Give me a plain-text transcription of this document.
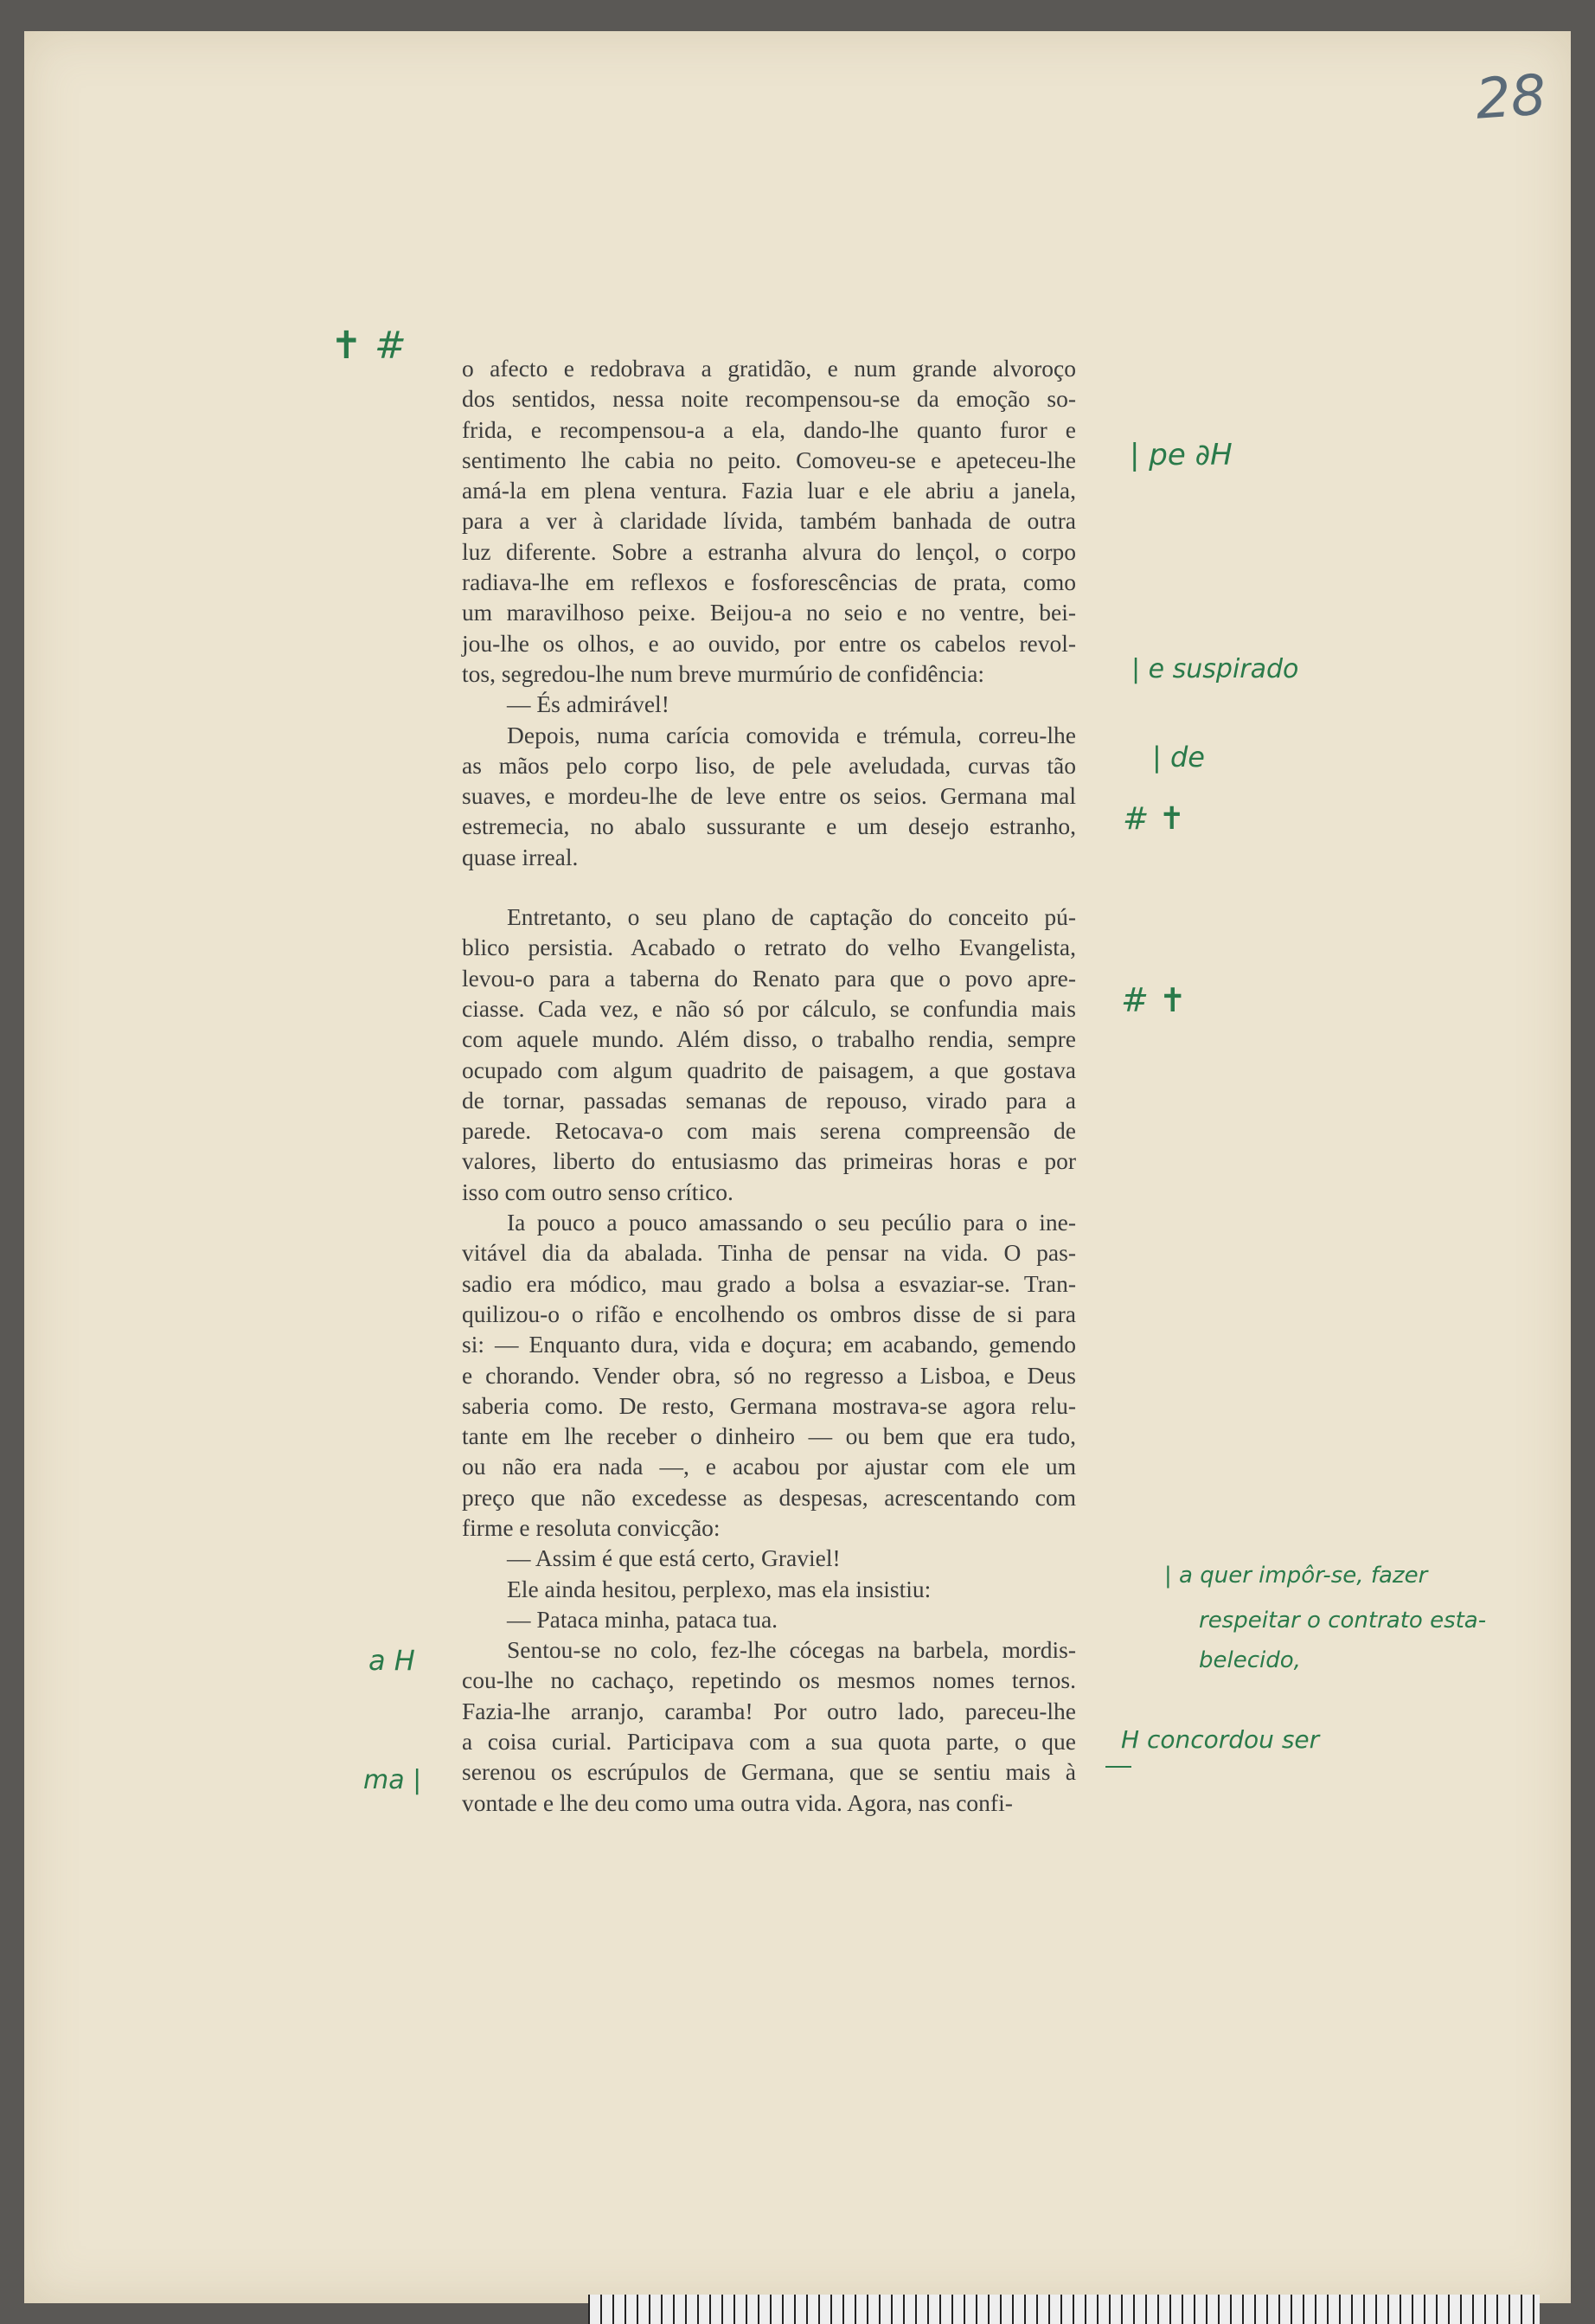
28
o afecto e redobrava a gratidão, e num grande alvoroço
dos sentidos, nessa noite recompensou-se da emoção so-
frida, e recompensou-a a ela, dando-lhe quanto furor e
sentimento lhe cabia no peito. Comoveu-se e apeteceu-lhe
amá-la em plena ventura. Fazia luar e ele abriu a janela,
para a ver à claridade lívida, também banhada de outra
luz diferente. Sobre a estranha alvura do lençol, o corpo
radiava-lhe em reflexos e fosforescências de prata, como
um maravilhoso peixe. Beijou-a no seio e no ventre, bei-
jou-lhe os olhos, e ao ouvido, por entre os cabelos revol-
tos, segredou-lhe num breve murmúrio de confidência:
— És admirável!
Depois, numa carícia comovida e trémula, correu-lhe
as mãos pelo corpo liso, de pele aveludada, curvas tão
suaves, e mordeu-lhe de leve entre os seios. Germana mal
estremecia, no abalo sussurante e um desejo estranho,
quase irreal.
Entretanto, o seu plano de captação do conceito pú-
blico persistia. Acabado o retrato do velho Evangelista,
levou-o para a taberna do Renato para que o povo apre-
ciasse. Cada vez, e não só por cálculo, se confundia mais
com aquele mundo. Além disso, o trabalho rendia, sempre
ocupado com algum quadrito de paisagem, a que gostava
de tornar, passadas semanas de repouso, virado para a
parede. Retocava-o com mais serena compreensão de
valores, liberto do entusiasmo das primeiras horas e por
isso com outro senso crítico.
Ia pouco a pouco amassando o seu pecúlio para o ine-
vitável dia da abalada. Tinha de pensar na vida. O pas-
sadio era módico, mau grado a bolsa a esvaziar-se. Tran-
quilizou-o o rifão e encolhendo os ombros disse de si para
si: — Enquanto dura, vida e doçura; em acabando, gemendo
e chorando. Vender obra, só no regresso a Lisboa, e Deus
saberia como. De resto, Germana mostrava-se agora relu-
tante em lhe receber o dinheiro — ou bem que era tudo,
ou não era nada —, e acabou por ajustar com ele um
preço que não excedesse as despesas, acrescentando com
firme e resoluta convicção:
— Assim é que está certo, Graviel!
Ele ainda hesitou, perplexo, mas ela insistiu:
— Pataca minha, pataca tua.
Sentou-se no colo, fez-lhe cócegas na barbela, mordis-
cou-lhe no cachaço, repetindo os mesmos nomes ternos.
Fazia-lhe arranjo, caramba! Por outro lado, pareceu-lhe
a coisa curial. Participava com a sua quota parte, o que
serenou os escrúpulos de Germana, que se sentiu mais à
vontade e lhe deu como uma outra vida. Agora, nas confi-
✝ #
| pe ∂H
| e suspirado
| de
# ✝
# ✝
| a quer impôr-se, fazer
respeitar o contrato esta-
belecido,
H concordou ser
a H
ma |
